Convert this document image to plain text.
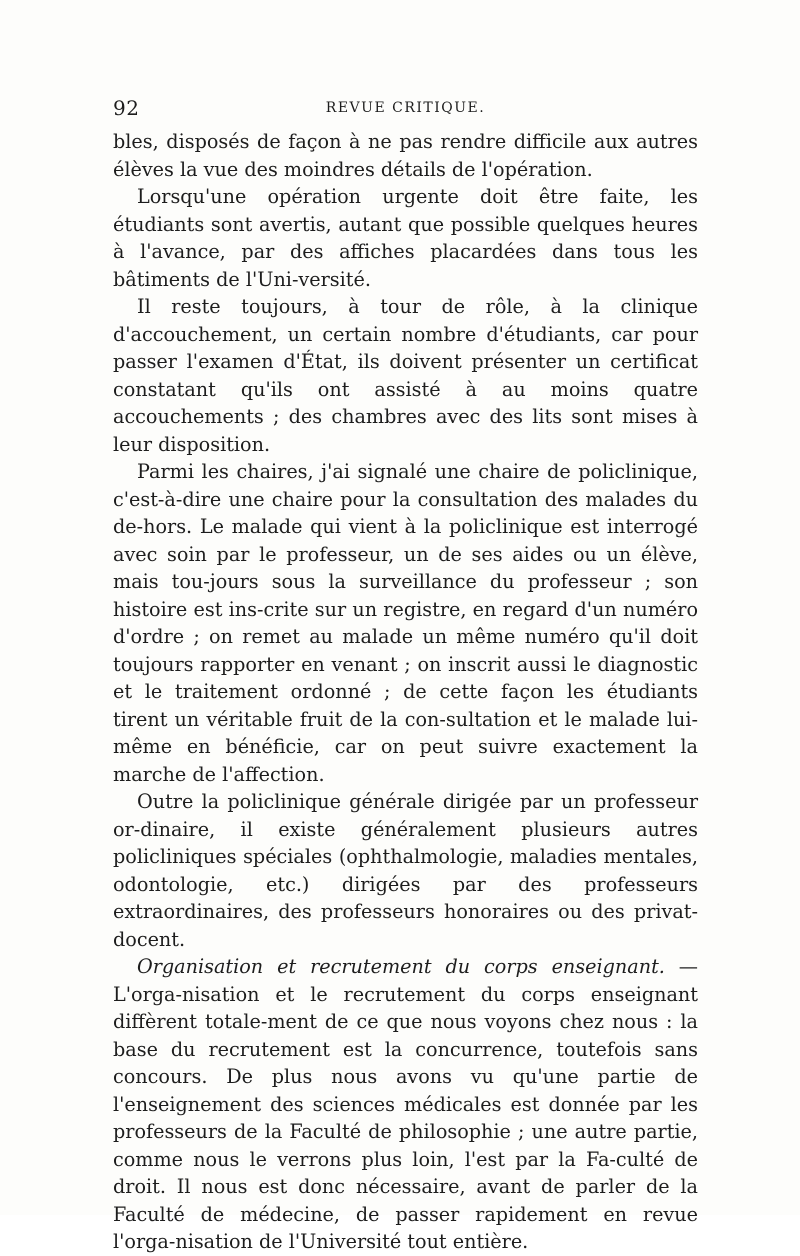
92	REVUE CRITIQUE.

bles, disposés de façon à ne pas rendre difficile aux autres élèves la vue des moindres détails de l'opération.

Lorsqu'une opération urgente doit être faite, les étudiants sont avertis, autant que possible quelques heures à l'avance, par des affiches placardées dans tous les bâtiments de l'Uni-versité.

Il reste toujours, à tour de rôle, à la clinique d'accouchement, un certain nombre d'étudiants, car pour passer l'examen d'État, ils doivent présenter un certificat constatant qu'ils ont assisté à au moins quatre accouchements ; des chambres avec des lits sont mises à leur disposition.

Parmi les chaires, j'ai signalé une chaire de policlinique, c'est-à-dire une chaire pour la consultation des malades du de-hors. Le malade qui vient à la policlinique est interrogé avec soin par le professeur, un de ses aides ou un élève, mais tou-jours sous la surveillance du professeur ; son histoire est ins-crite sur un registre, en regard d'un numéro d'ordre ; on remet au malade un même numéro qu'il doit toujours rapporter en venant ; on inscrit aussi le diagnostic et le traitement ordonné ; de cette façon les étudiants tirent un véritable fruit de la con-sultation et le malade lui-même en bénéficie, car on peut suivre exactement la marche de l'affection.

Outre la policlinique générale dirigée par un professeur or-dinaire, il existe généralement plusieurs autres policliniques spéciales (ophthalmologie, maladies mentales, odontologie, etc.) dirigées par des professeurs extraordinaires, des professeurs honoraires ou des privat-docent.

Organisation et recrutement du corps enseignant. — L'orga-nisation et le recrutement du corps enseignant diffèrent totale-ment de ce que nous voyons chez nous : la base du recrutement est la concurrence, toutefois sans concours. De plus nous avons vu qu'une partie de l'enseignement des sciences médicales est donnée par les professeurs de la Faculté de philosophie ; une autre partie, comme nous le verrons plus loin, l'est par la Fa-culté de droit. Il nous est donc nécessaire, avant de parler de la Faculté de médecine, de passer rapidement en revue l'orga-nisation de l'Université tout entière.
